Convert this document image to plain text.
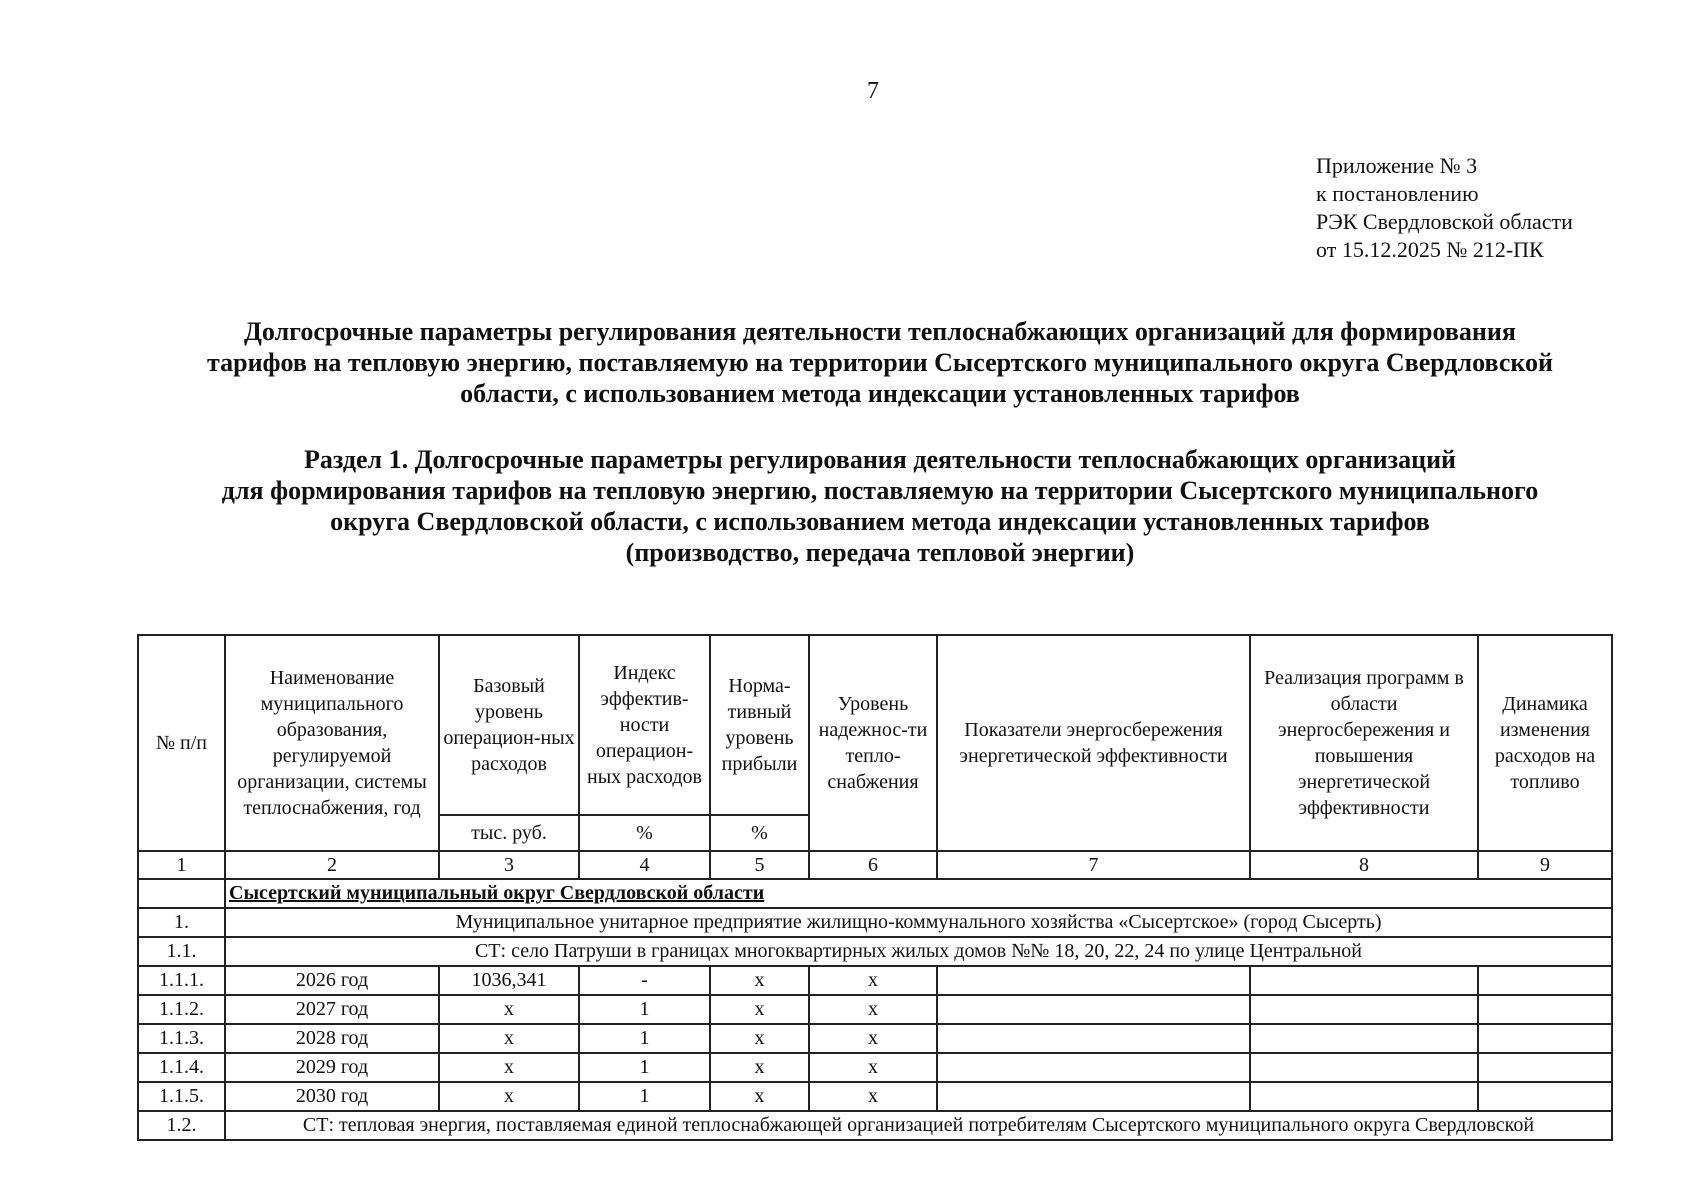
7
Приложение № 3
к постановлению
РЭК Свердловской области
от 15.12.2025 № 212-ПК
Долгосрочные параметры регулирования деятельности теплоснабжающих организаций для формирования
тарифов на тепловую энергию, поставляемую на территории Сысертского муниципального округа Свердловской
области, с использованием метода индексации установленных тарифов
Раздел 1. Долгосрочные параметры регулирования деятельности теплоснабжающих организаций
для формирования тарифов на тепловую энергию, поставляемую на территории Сысертского муниципального
округа Свердловской области, с использованием метода индексации установленных тарифов
(производство, передача тепловой энергии)
№ п/п	Наименование муниципального образования, регулируемой организации, системы теплоснабжения, год	Базовый уровень операцион-ных расходов	Индекс эффектив-ности операцион-ных расходов	Норма-тивный уровень прибыли	Уровень надежнос-ти тепло-снабжения	Показатели энергосбережения энергетической эффективности	Реализация программ в области энергосбережения и повышения энергетической эффективности	Динамика изменения расходов на топливо
		тыс. руб.	%	%				
1	2	3	4	5	6	7	8	9
	Сысертский муниципальный округ Свердловской области							
1.	Муниципальное унитарное предприятие жилищно-коммунального хозяйства «Сысертское» (город Сысерть)							
1.1.	СТ: село Патруши в границах многоквартирных жилых домов №№ 18, 20, 22, 24 по улице Центральной							
1.1.1.	2026 год	1036,341	-	х	х			
1.1.2.	2027 год	х	1	х	х			
1.1.3.	2028 год	х	1	х	х			
1.1.4.	2029 год	х	1	х	х			
1.1.5.	2030 год	х	1	х	х			
1.2.	СТ: тепловая энергия, поставляемая единой теплоснабжающей организацией потребителям Сысертского муниципального округа Свердловской							
